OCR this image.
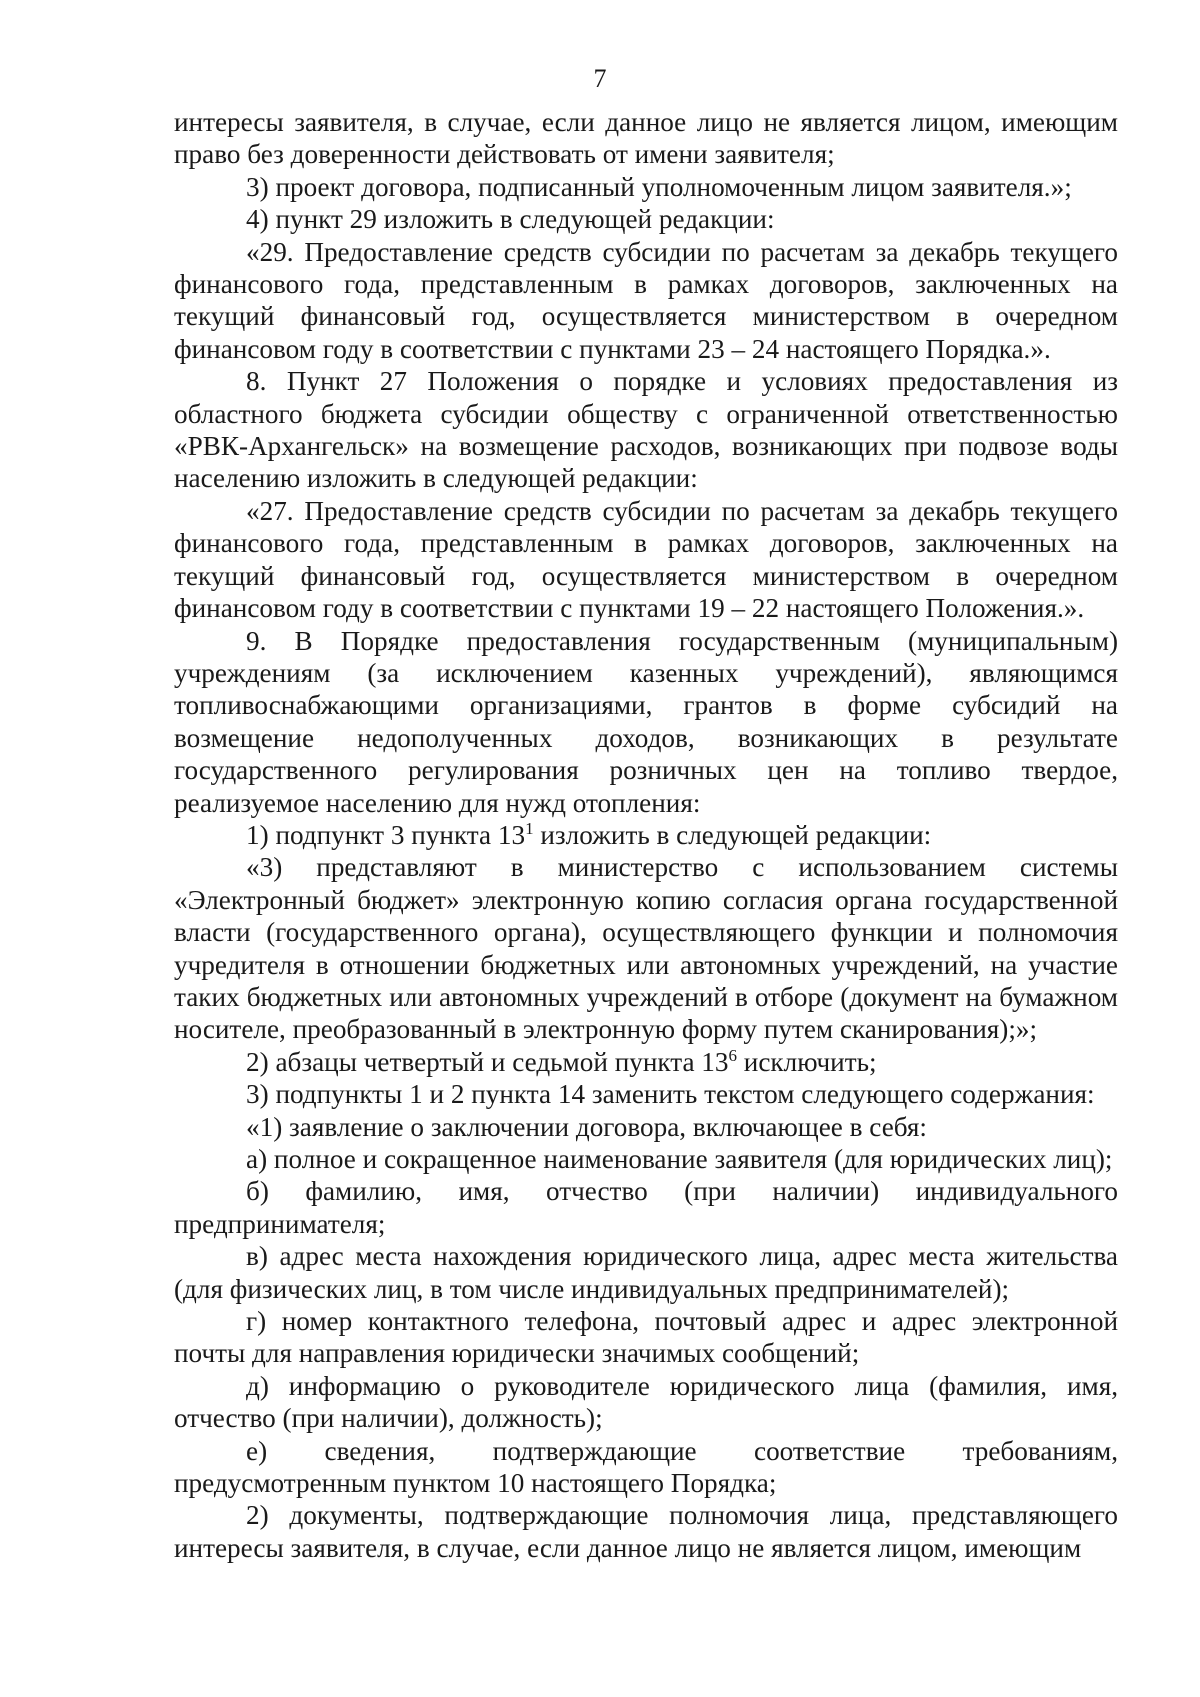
7

интересы заявителя, в случае, если данное лицо не является лицом, имеющим право без доверенности действовать от имени заявителя;

3) проект договора, подписанный уполномоченным лицом заявителя.»;

4) пункт 29 изложить в следующей редакции:

«29. Предоставление средств субсидии по расчетам за декабрь текущего финансового года, представленным в рамках договоров, заключенных на текущий финансовый год, осуществляется министерством в очередном финансовом году в соответствии с пунктами 23 – 24 настоящего Порядка.».

8. Пункт 27 Положения о порядке и условиях предоставления из областного бюджета субсидии обществу с ограниченной ответственностью «РВК-Архангельск» на возмещение расходов, возникающих при подвозе воды населению изложить в следующей редакции:

«27. Предоставление средств субсидии по расчетам за декабрь текущего финансового года, представленным в рамках договоров, заключенных на текущий финансовый год, осуществляется министерством в очередном финансовом году в соответствии с пунктами 19 – 22 настоящего Положения.».

9. В Порядке предоставления государственным (муниципальным) учреждениям (за исключением казенных учреждений), являющимся топливоснабжающими организациями, грантов в форме субсидий на возмещение недополученных доходов, возникающих в результате государственного регулирования розничных цен на топливо твердое, реализуемое населению для нужд отопления:

1) подпункт 3 пункта $13^1$ изложить в следующей редакции:

«3) представляют в министерство с использованием системы «Электронный бюджет» электронную копию согласия органа государственной власти (государственного органа), осуществляющего функции и полномочия учредителя в отношении бюджетных или автономных учреждений, на участие таких бюджетных или автономных учреждений в отборе (документ на бумажном носителе, преобразованный в электронную форму путем сканирования);»;

2) абзацы четвертый и седьмой пункта $13^6$ исключить;

3) подпункты 1 и 2 пункта 14 заменить текстом следующего содержания:

«1) заявление о заключении договора, включающее в себя:

а) полное и сокращенное наименование заявителя (для юридических лиц);

б) фамилию, имя, отчество (при наличии) индивидуального предпринимателя;

в) адрес места нахождения юридического лица, адрес места жительства (для физических лиц, в том числе индивидуальных предпринимателей);

г) номер контактного телефона, почтовый адрес и адрес электронной почты для направления юридически значимых сообщений;

д) информацию о руководителе юридического лица (фамилия, имя, отчество (при наличии), должность);

е) сведения, подтверждающие соответствие требованиям, предусмотренным пунктом 10 настоящего Порядка;

2) документы, подтверждающие полномочия лица, представляющего интересы заявителя, в случае, если данное лицо не является лицом, имеющим
